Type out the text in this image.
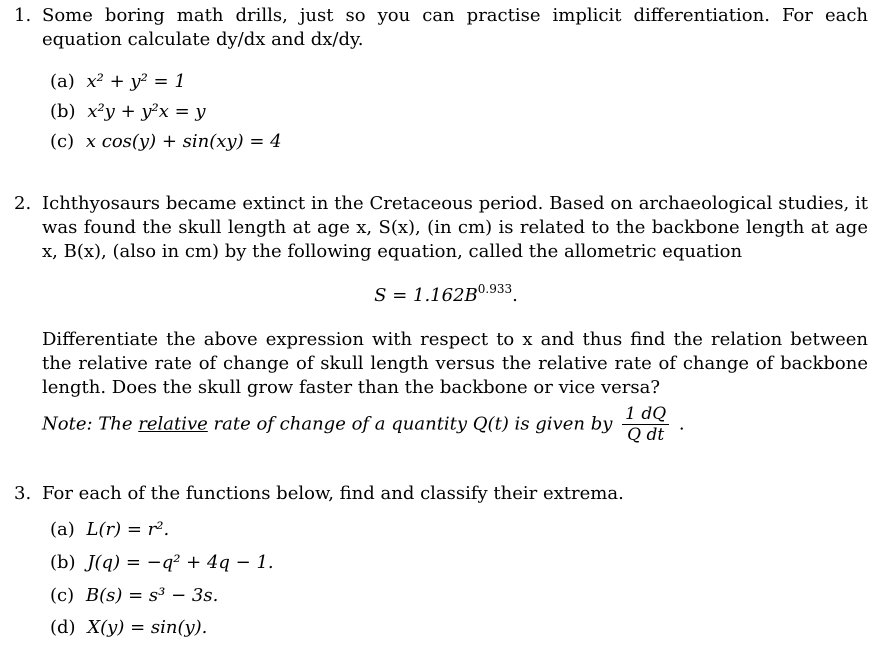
1. Some boring math drills, just so you can practise implicit differentiation. For each equation calculate dy/dx and dx/dy.
(a) x² + y² = 1
(b) x²y + y²x = y
(c) x cos(y) + sin(xy) = 4
2. Ichthyosaurs became extinct in the Cretaceous period. Based on archaeological studies, it was found the skull length at age x, S(x), (in cm) is related to the backbone length at age x, B(x), (also in cm) by the following equation, called the allometric equation
$S = 1.162B^{0.933}$.
Differentiate the above expression with respect to x and thus find the relation between the relative rate of change of skull length versus the relative rate of change of backbone length. Does the skull grow faster than the backbone or vice versa?
Note: The relative rate of change of a quantity Q(t) is given by $\frac{1 dQ}{\text{Q dt}}$ .
3. For each of the functions below, find and classify their extrema.
(a) L(r) = r².
(b) J(q) = −q² + 4q − 1.
(c) B(s) = s³ − 3s.
(d) X(y) = sin(y).
